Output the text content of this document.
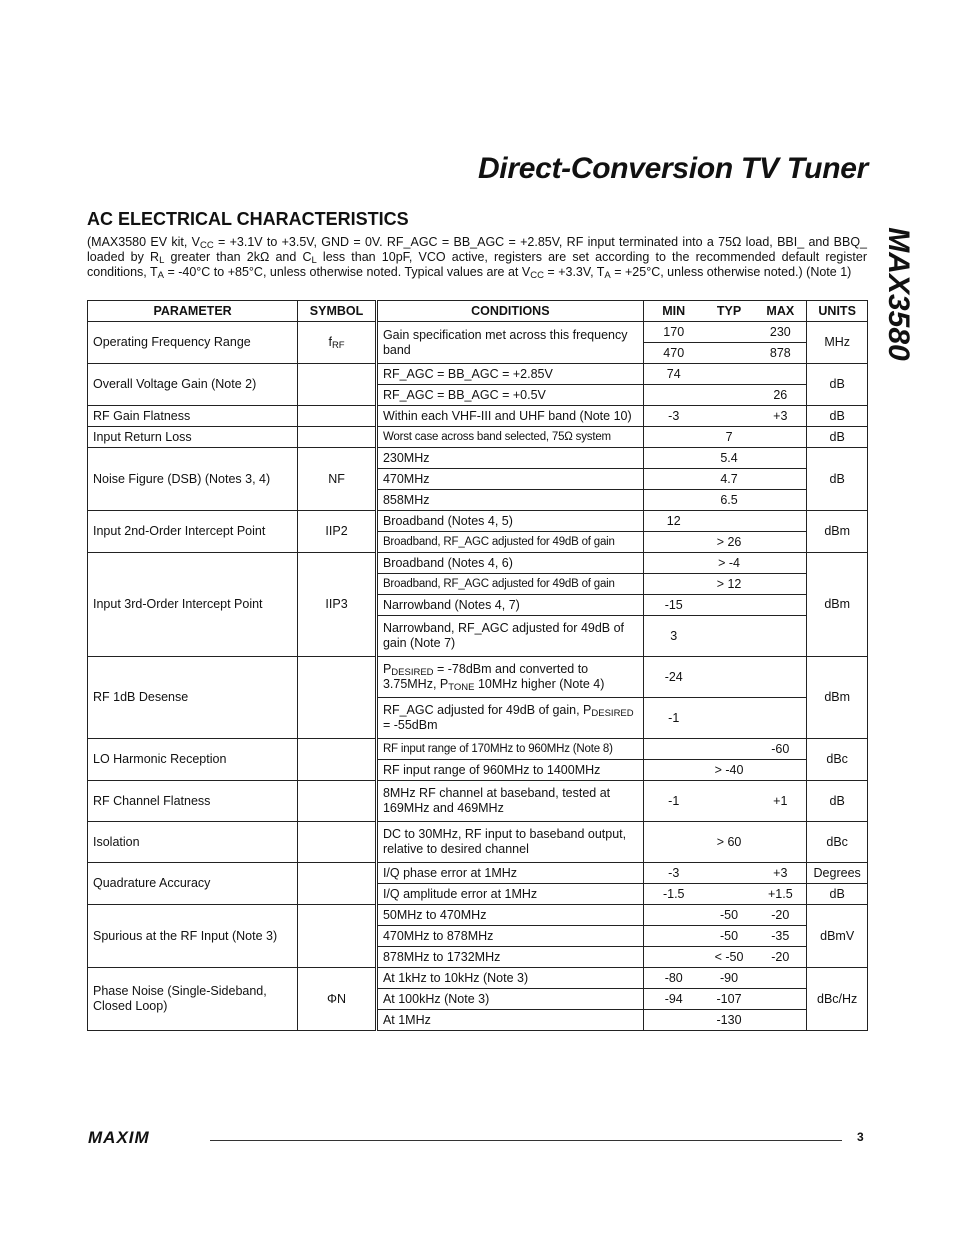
Direct-Conversion TV Tuner
MAX3580
AC ELECTRICAL CHARACTERISTICS

(MAX3580 EV kit, $V_{CC} = +3.1V$ to +3.5V, GND = 0V. RF_AGC = BB_AGC = +2.85V, RF input terminated into a 75Ω load, BBI_ and BBQ_ loaded by $R_L$ greater than 2kΩ and $C_L$ less than 10pF, VCO active, registers are set according to the recommended default register conditions, $T_A = -40^\circ C$ to +85°C, unless otherwise noted. Typical values are at $V_{CC} = +3.3V$, $T_A = +25^\circ C$, unless otherwise noted.) (Note 1)

PARAMETER	SYMBOL	CONDITIONS	MIN	TYP	MAX	UNITS
Operating Frequency Range	$f_{RF}$	Gain specification met across this frequency band	170		230	MHz
			470		878	
Overall Voltage Gain (Note 2)		RF_AGC = BB_AGC = +2.85V	74			dB
		RF_AGC = BB_AGC = +0.5V			26	
RF Gain Flatness		Within each VHF-III and UHF band (Note 10)	-3		+3	dB
Input Return Loss		Worst case across band selected, 75Ω system		7		dB
Noise Figure (DSB) (Notes 3, 4)	NF	230MHz		5.4		dB
		470MHz		4.7		
		858MHz		6.5		
Input 2nd-Order Intercept Point	IIP2	Broadband (Notes 4, 5)	12			dBm
		Broadband, RF_AGC adjusted for 49dB of gain		> 26		
Input 3rd-Order Intercept Point	IIP3	Broadband (Notes 4, 6)		> -4		dBm
		Broadband, RF_AGC adjusted for 49dB of gain		> 12		
		Narrowband (Notes 4, 7)	-15			
		Narrowband, RF_AGC adjusted for 49dB of gain (Note 7)	3			
RF 1dB Desense		$P_{DESIRED} = -78dBm$ and converted to 3.75MHz, $P_{TONE}$ 10MHz higher (Note 4)	-24			dBm
		RF_AGC adjusted for 49dB of gain, $P_{DESIRED} = -55dBm$	-1			
LO Harmonic Reception		RF input range of 170MHz to 960MHz (Note 8)			-60	dBc
		RF input range of 960MHz to 1400MHz		> -40		
RF Channel Flatness		8MHz RF channel at baseband, tested at 169MHz and 469MHz	-1		+1	dB
Isolation		DC to 30MHz, RF input to baseband output, relative to desired channel		> 60		dBc
Quadrature Accuracy		I/Q phase error at 1MHz	-3		+3	Degrees
		I/Q amplitude error at 1MHz	-1.5		+1.5	dB
Spurious at the RF Input (Note 3)		50MHz to 470MHz		-50	-20	dBmV
		470MHz to 878MHz		-50	-35	
		878MHz to 1732MHz		< -50	-20	
Phase Noise (Single-Sideband, Closed Loop)	ΦN	At 1kHz to 10kHz (Note 3)	-80	-90		dBc/Hz
		At 100kHz (Note 3)	-94	-107		
		At 1MHz		-130		
MAXIM	3
